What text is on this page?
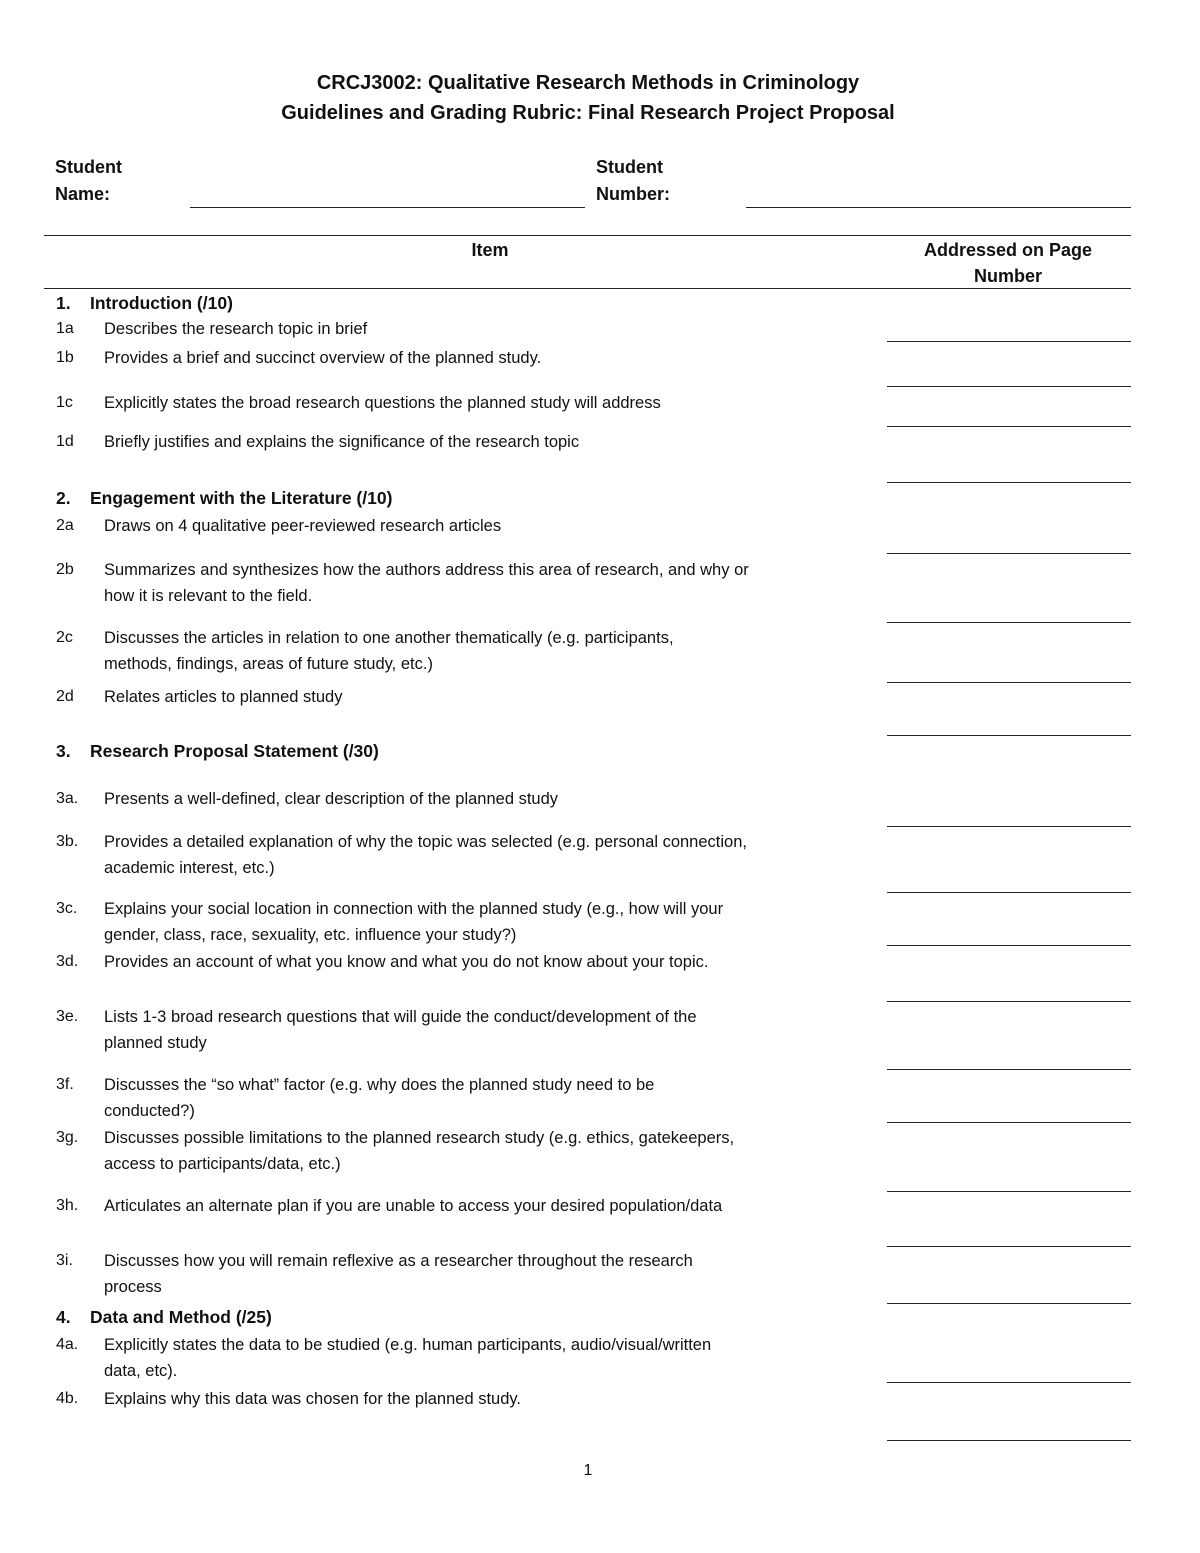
CRCJ3002: Qualitative Research Methods in Criminology
Guidelines and Grading Rubric: Final Research Project Proposal
Student
Name:
Student
Number:
Item	Addressed on Page
Number
1. Introduction (/10)
1a Describes the research topic in brief
1b Provides a brief and succinct overview of the planned study.
1c Explicitly states the broad research questions the planned study will address
1d Briefly justifies and explains the significance of the research topic
2. Engagement with the Literature (/10)
2a Draws on 4 qualitative peer-reviewed research articles
2b Summarizes and synthesizes how the authors address this area of research, and why or
how it is relevant to the field.
2c Discusses the articles in relation to one another thematically (e.g. participants,
methods, findings, areas of future study, etc.)
2d Relates articles to planned study
3. Research Proposal Statement (/30)
3a. Presents a well-defined, clear description of the planned study
3b. Provides a detailed explanation of why the topic was selected (e.g. personal connection,
academic interest, etc.)
3c. Explains your social location in connection with the planned study (e.g., how will your
gender, class, race, sexuality, etc. influence your study?)
3d. Provides an account of what you know and what you do not know about your topic.
3e. Lists 1-3 broad research questions that will guide the conduct/development of the
planned study
3f. Discusses the “so what” factor (e.g. why does the planned study need to be
conducted?)
3g. Discusses possible limitations to the planned research study (e.g. ethics, gatekeepers,
access to participants/data, etc.)
3h. Articulates an alternate plan if you are unable to access your desired population/data
3i. Discusses how you will remain reflexive as a researcher throughout the research
process
4. Data and Method (/25)
4a. Explicitly states the data to be studied (e.g. human participants, audio/visual/written
data, etc).
4b. Explains why this data was chosen for the planned study.
1
